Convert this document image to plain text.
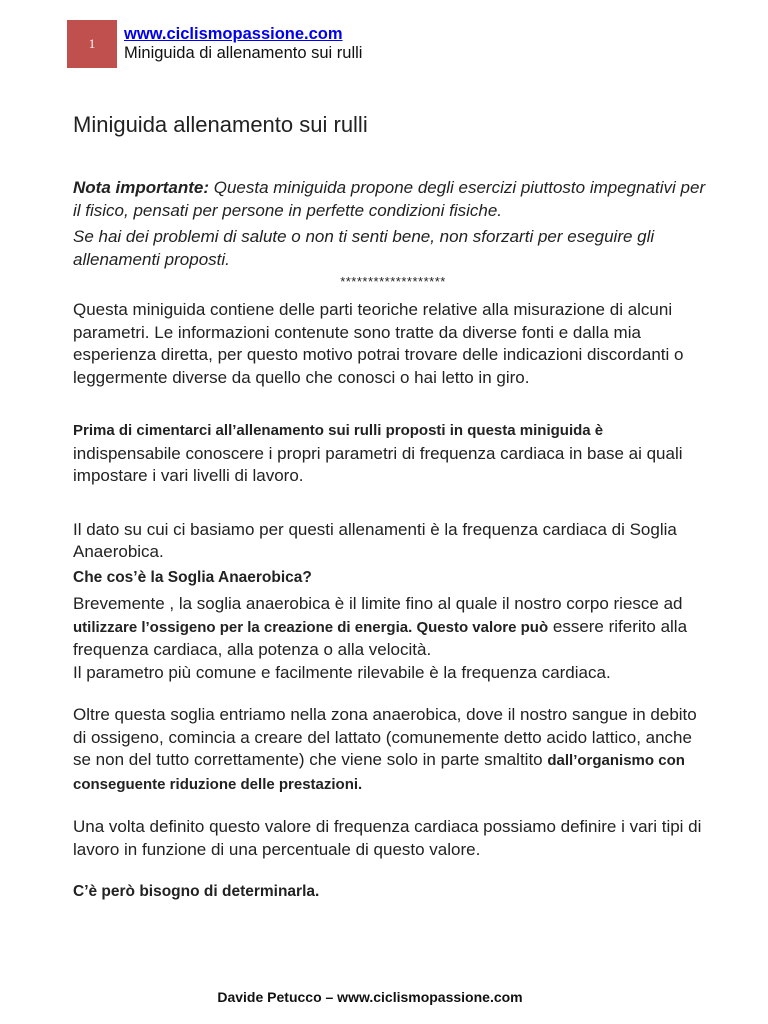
1
www.ciclismopassione.com
Miniguida di allenamento sui rulli
Miniguida allenamento sui rulli

Nota importante: Questa miniguida propone degli esercizi piuttosto impegnativi per il fisico, pensati per persone in perfette condizioni fisiche.

Se hai dei problemi di salute o non ti senti bene, non sforzarti per eseguire gli allenamenti proposti.

*******************

Questa miniguida contiene delle parti teoriche relative alla misurazione di alcuni parametri. Le informazioni contenute sono tratte da diverse fonti e dalla mia esperienza diretta, per questo motivo potrai trovare delle indicazioni discordanti o leggermente diverse da quello che conosci o hai letto in giro.

Prima di cimentarci all’allenamento sui rulli proposti in questa miniguida è indispensabile conoscere i propri parametri di frequenza cardiaca in base ai quali impostare i vari livelli di lavoro.

Il dato su cui ci basiamo per questi allenamenti è la frequenza cardiaca di Soglia Anaerobica.

Che cos’è la Soglia Anaerobica?

Brevemente , la soglia anaerobica è il limite fino al quale il nostro corpo riesce ad utilizzare l’ossigeno per la creazione di energia. Questo valore può essere riferito alla frequenza cardiaca, alla potenza o alla velocità.
Il parametro più comune e facilmente rilevabile è la frequenza cardiaca.

Oltre questa soglia entriamo nella zona anaerobica, dove il nostro sangue in debito di ossigeno, comincia a creare del lattato (comunemente detto acido lattico, anche se non del tutto correttamente) che viene solo in parte smaltito dall’organismo con conseguente riduzione delle prestazioni.

Una volta definito questo valore di frequenza cardiaca possiamo definire i vari tipi di lavoro in funzione di una percentuale di questo valore.

C’è però bisogno di determinarla.

Davide Petucco – www.ciclismopassione.com
